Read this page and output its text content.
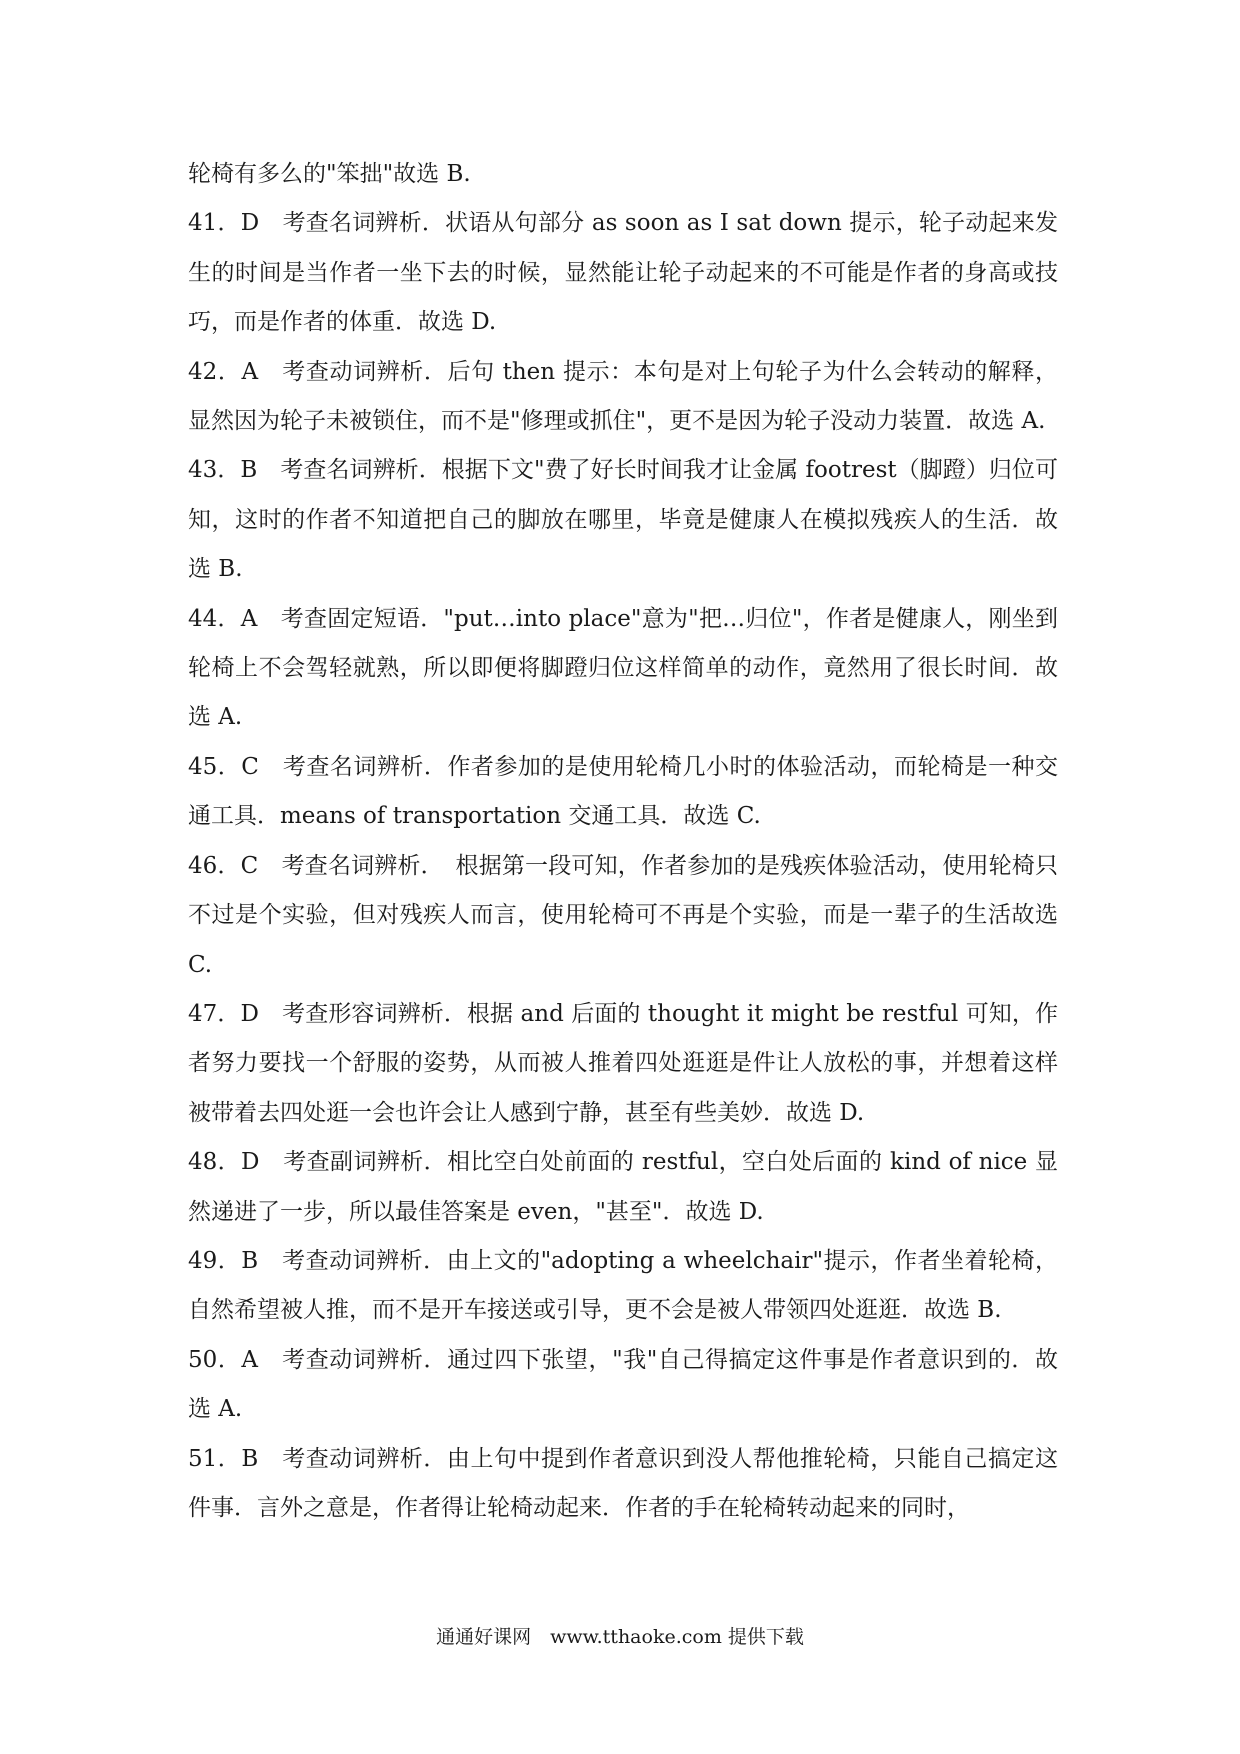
轮椅有多么的"笨拙"故选 B.

41．D　考查名词辨析．状语从句部分 as soon as I sat down 提示，轮子动起来发生的时间是当作者一坐下去的时候，显然能让轮子动起来的不可能是作者的身高或技巧，而是作者的体重．故选 D.

42．A　考查动词辨析．后句 then 提示：本句是对上句轮子为什么会转动的解释，显然因为轮子未被锁住，而不是"修理或抓住"，更不是因为轮子没动力装置．故选 A.

43．B　考查名词辨析．根据下文"费了好长时间我才让金属 footrest（脚蹬）归位可知，这时的作者不知道把自己的脚放在哪里，毕竟是健康人在模拟残疾人的生活．故选 B.

44．A　考查固定短语．"put…into place"意为"把…归位"，作者是健康人，刚坐到轮椅上不会驾轻就熟，所以即便将脚蹬归位这样简单的动作，竟然用了很长时间．故选 A.

45．C　考查名词辨析．作者参加的是使用轮椅几小时的体验活动，而轮椅是一种交通工具．means of transportation 交通工具．故选 C.

46．C　考查名词辨析．　根据第一段可知，作者参加的是残疾体验活动，使用轮椅只不过是个实验，但对残疾人而言，使用轮椅可不再是个实验，而是一辈子的生活故选 C.

47．D　考查形容词辨析．根据 and 后面的 thought it might be restful 可知，作者努力要找一个舒服的姿势，从而被人推着四处逛逛是件让人放松的事，并想着这样被带着去四处逛一会也许会让人感到宁静，甚至有些美妙．故选 D.

48．D　考查副词辨析．相比空白处前面的 restful，空白处后面的 kind of nice 显然递进了一步，所以最佳答案是 even，"甚至"．故选 D.

49．B　考查动词辨析．由上文的"adopting a wheelchair"提示，作者坐着轮椅，自然希望被人推，而不是开车接送或引导，更不会是被人带领四处逛逛．故选 B.

50．A　考查动词辨析．通过四下张望，"我"自己得搞定这件事是作者意识到的．故选 A.

51．B　考查动词辨析．由上句中提到作者意识到没人帮他推轮椅，只能自己搞定这件事．言外之意是，作者得让轮椅动起来．作者的手在轮椅转动起来的同时，

通通好课网　www.tthaoke.com 提供下载
